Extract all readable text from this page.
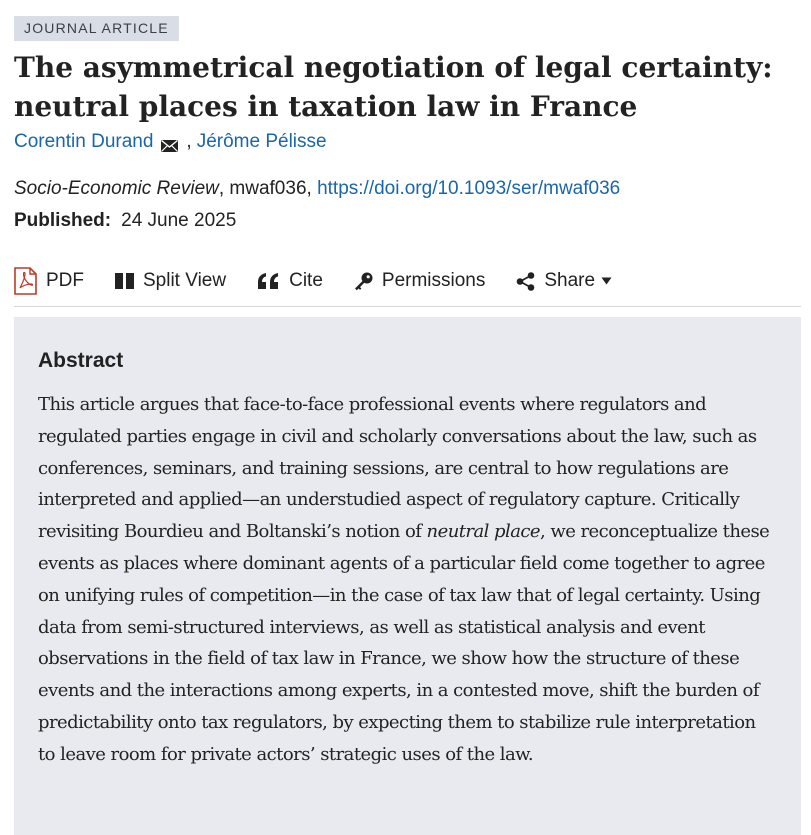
JOURNAL ARTICLE
The asymmetrical negotiation of legal certainty: neutral places in taxation law in France
Corentin Durand , Jérôme Pélisse
Socio-Economic Review, mwaf036, https://doi.org/10.1093/ser/mwaf036
Published: 24 June 2025
PDF	Split View	Cite	Permissions	Share
Abstract

This article argues that face-to-face professional events where regulators and regulated parties engage in civil and scholarly conversations about the law, such as conferences, seminars, and training sessions, are central to how regulations are interpreted and applied—an understudied aspect of regulatory capture. Critically revisiting Bourdieu and Boltanski’s notion of neutral place, we reconceptualize these events as places where dominant agents of a particular field come together to agree on unifying rules of competition—in the case of tax law that of legal certainty. Using data from semi-structured interviews, as well as statistical analysis and event observations in the field of tax law in France, we show how the structure of these events and the interactions among experts, in a contested move, shift the burden of predictability onto tax regulators, by expecting them to stabilize rule interpretation to leave room for private actors’ strategic uses of the law.
